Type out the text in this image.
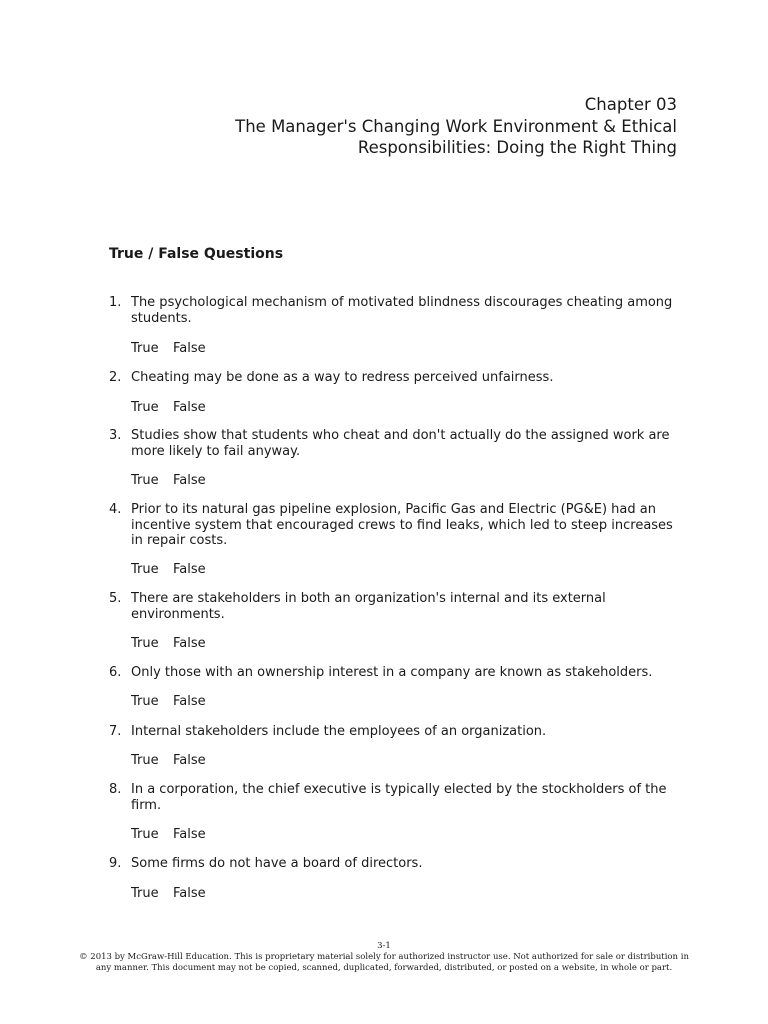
Chapter 03
The Manager's Changing Work Environment & Ethical
Responsibilities: Doing the Right Thing
True / False Questions
1. The psychological mechanism of motivated blindness discourages cheating among students.
True False
2. Cheating may be done as a way to redress perceived unfairness.
True False
3. Studies show that students who cheat and don't actually do the assigned work are more likely to fail anyway.
True False
4. Prior to its natural gas pipeline explosion, Pacific Gas and Electric (PG&E) had an incentive system that encouraged crews to find leaks, which led to steep increases in repair costs.
True False
5. There are stakeholders in both an organization's internal and its external environments.
True False
6. Only those with an ownership interest in a company are known as stakeholders.
True False
7. Internal stakeholders include the employees of an organization.
True False
8. In a corporation, the chief executive is typically elected by the stockholders of the firm.
True False
9. Some firms do not have a board of directors.
True False
3-1
© 2013 by McGraw-Hill Education. This is proprietary material solely for authorized instructor use. Not authorized for sale or distribution in
any manner. This document may not be copied, scanned, duplicated, forwarded, distributed, or posted on a website, in whole or part.
